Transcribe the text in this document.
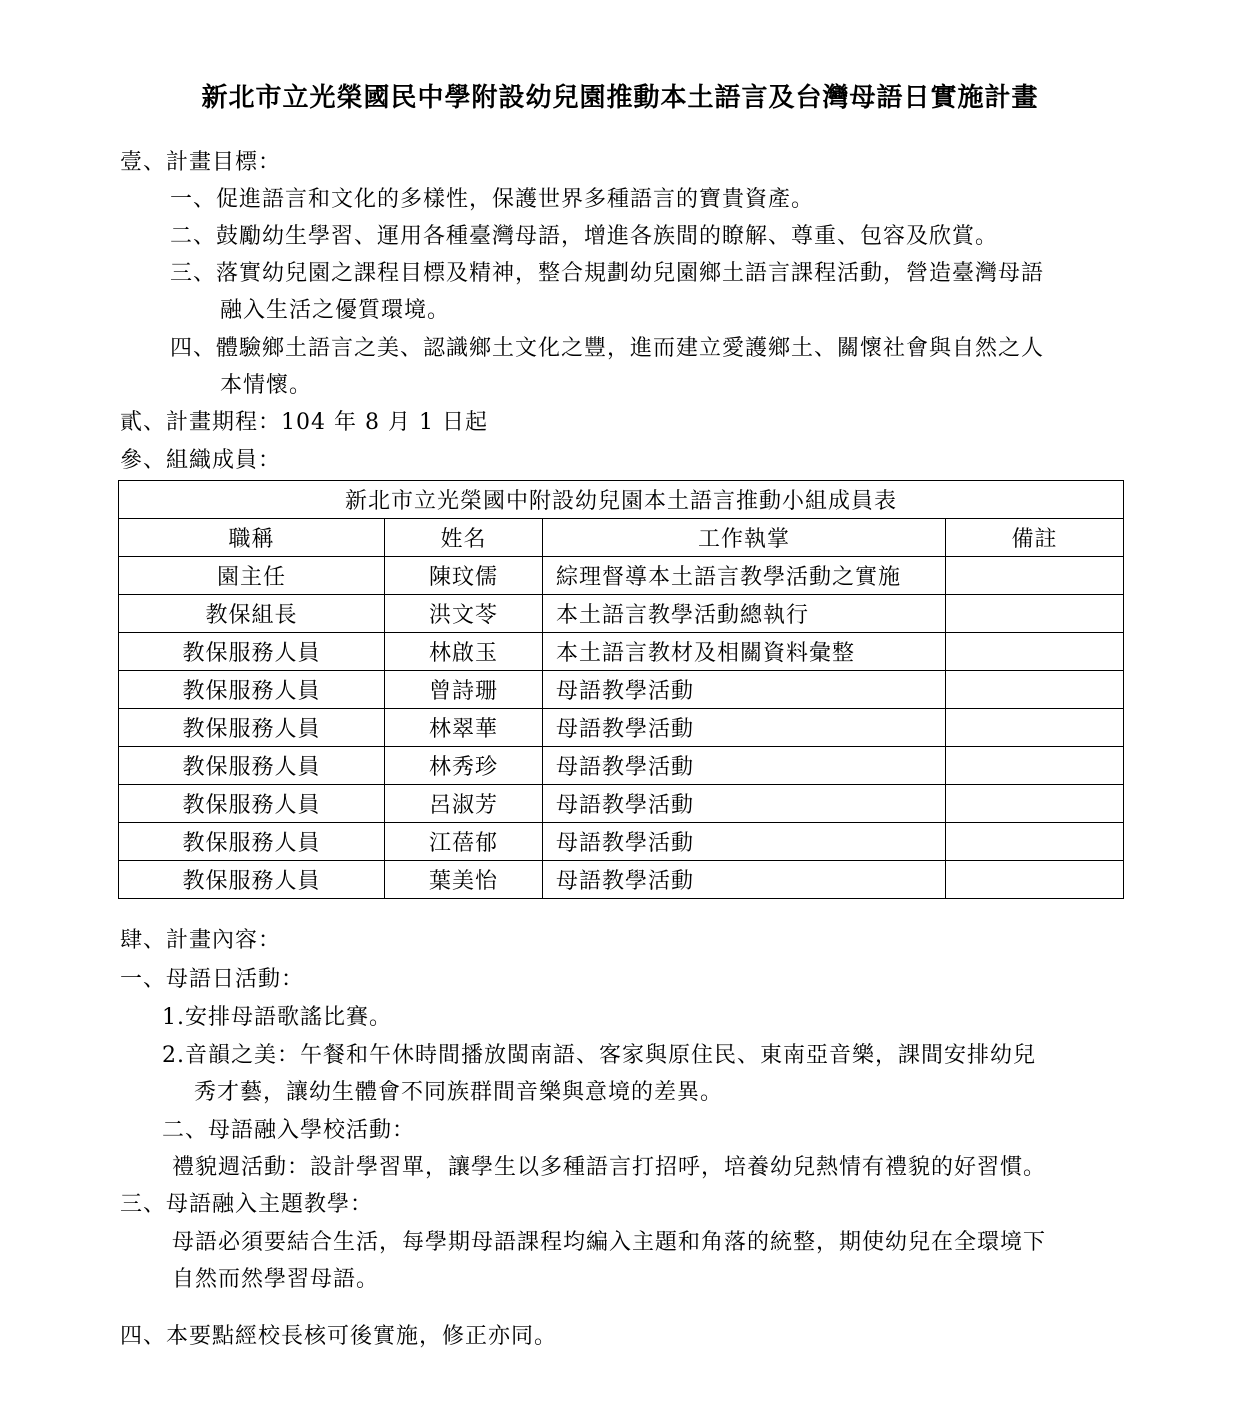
新北市立光榮國民中學附設幼兒園推動本土語言及台灣母語日實施計畫
壹、計畫目標：
一、促進語言和文化的多樣性，保護世界多種語言的寶貴資產。
二、鼓勵幼生學習、運用各種臺灣母語，增進各族間的瞭解、尊重、包容及欣賞。
三、落實幼兒園之課程目標及精神，整合規劃幼兒園鄉土語言課程活動，營造臺灣母語
融入生活之優質環境。
四、體驗鄉土語言之美、認識鄉土文化之豐，進而建立愛護鄉土、關懷社會與自然之人
本情懷。
貳、計畫期程：104 年 8 月 1 日起
參、組織成員：
新北市立光榮國中附設幼兒園本土語言推動小組成員表			
職稱	姓名	工作執掌	備註
園主任	陳玟儒	綜理督導本土語言教學活動之實施	
教保組長	洪文苓	本土語言教學活動總執行	
教保服務人員	林啟玉	本土語言教材及相關資料彙整	
教保服務人員	曾詩珊	母語教學活動	
教保服務人員	林翠華	母語教學活動	
教保服務人員	林秀珍	母語教學活動	
教保服務人員	呂淑芳	母語教學活動	
教保服務人員	江蓓郁	母語教學活動	
教保服務人員	葉美怡	母語教學活動	
肆、計畫內容：
一、母語日活動：
1.安排母語歌謠比賽。
2.音韻之美：午餐和午休時間播放閩南語、客家與原住民、東南亞音樂，課間安排幼兒
秀才藝，讓幼生體會不同族群間音樂與意境的差異。
二、母語融入學校活動：
禮貌週活動：設計學習單，讓學生以多種語言打招呼，培養幼兒熱情有禮貌的好習慣。
三、母語融入主題教學：
母語必須要結合生活，每學期母語課程均編入主題和角落的統整，期使幼兒在全環境下
自然而然學習母語。
四、本要點經校長核可後實施，修正亦同。
